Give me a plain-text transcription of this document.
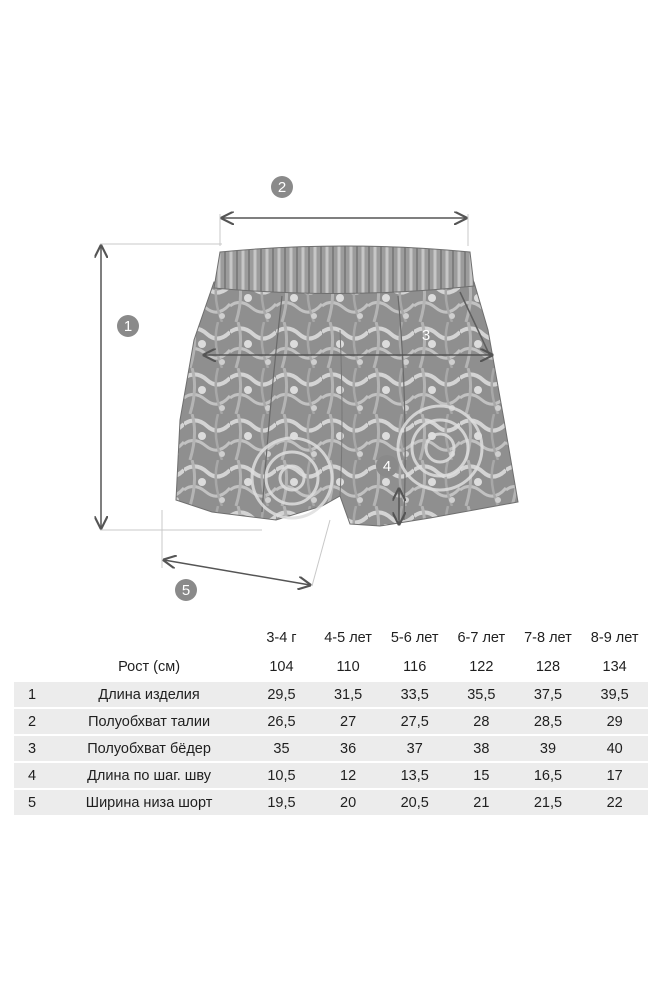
1
2
3
4
5
		3-4 г	4-5 лет	5-6 лет	6-7 лет	7-8 лет	8-9 лет
	Рост (см)	104	110	116	122	128	134
1	Длина изделия	29,5	31,5	33,5	35,5	37,5	39,5
2	Полуобхват талии	26,5	27	27,5	28	28,5	29
3	Полуобхват бёдер	35	36	37	38	39	40
4	Длина по шаг. шву	10,5	12	13,5	15	16,5	17
5	Ширина низа шорт	19,5	20	20,5	21	21,5	22
